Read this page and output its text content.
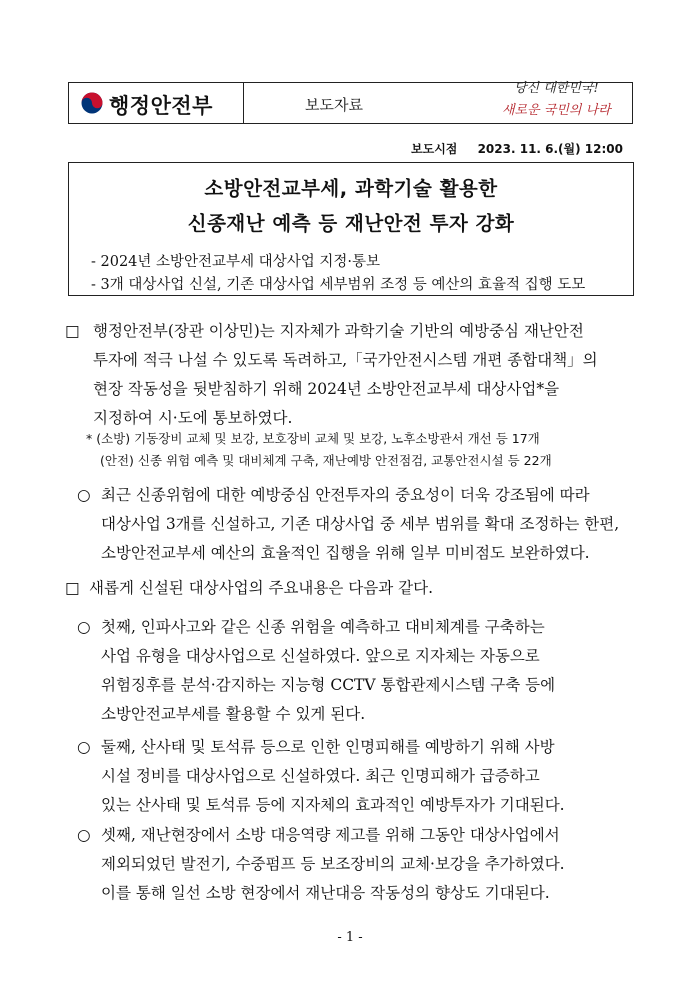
행정안전부	보도자료
당신 대한민국!
새로운 국민의 나라
보도시점 2023. 11. 6.(월) 12:00
소방안전교부세, 과학기술 활용한
신종재난 예측 등 재난안전 투자 강화
- 2024년 소방안전교부세 대상사업 지정·통보
- 3개 대상사업 신설, 기존 대상사업 세부범위 조정 등 예산의 효율적 집행 도모
□ 행정안전부(장관 이상민)는 지자체가 과학기술 기반의 예방중심 재난안전
투자에 적극 나설 수 있도록 독려하고,「국가안전시스템 개편 종합대책」의
현장 작동성을 뒷받침하기 위해 2024년 소방안전교부세 대상사업*을
지정하여 시·도에 통보하였다.
* (소방) 기동장비 교체 및 보강, 보호장비 교체 및 보강, 노후소방관서 개선 등 17개
(안전) 신종 위험 예측 및 대비체계 구축, 재난예방 안전점검, 교통안전시설 등 22개
○ 최근 신종위험에 대한 예방중심 안전투자의 중요성이 더욱 강조됨에 따라
대상사업 3개를 신설하고, 기존 대상사업 중 세부 범위를 확대 조정하는 한편,
소방안전교부세 예산의 효율적인 집행을 위해 일부 미비점도 보완하였다.
□ 새롭게 신설된 대상사업의 주요내용은 다음과 같다.
○ 첫째, 인파사고와 같은 신종 위험을 예측하고 대비체계를 구축하는
사업 유형을 대상사업으로 신설하였다. 앞으로 지자체는 자동으로
위험징후를 분석·감지하는 지능형 CCTV 통합관제시스템 구축 등에
소방안전교부세를 활용할 수 있게 된다.
○ 둘째, 산사태 및 토석류 등으로 인한 인명피해를 예방하기 위해 사방
시설 정비를 대상사업으로 신설하였다. 최근 인명피해가 급증하고
있는 산사태 및 토석류 등에 지자체의 효과적인 예방투자가 기대된다.
○ 셋째, 재난현장에서 소방 대응역량 제고를 위해 그동안 대상사업에서
제외되었던 발전기, 수중펌프 등 보조장비의 교체·보강을 추가하였다.
이를 통해 일선 소방 현장에서 재난대응 작동성의 향상도 기대된다.
- 1 -
